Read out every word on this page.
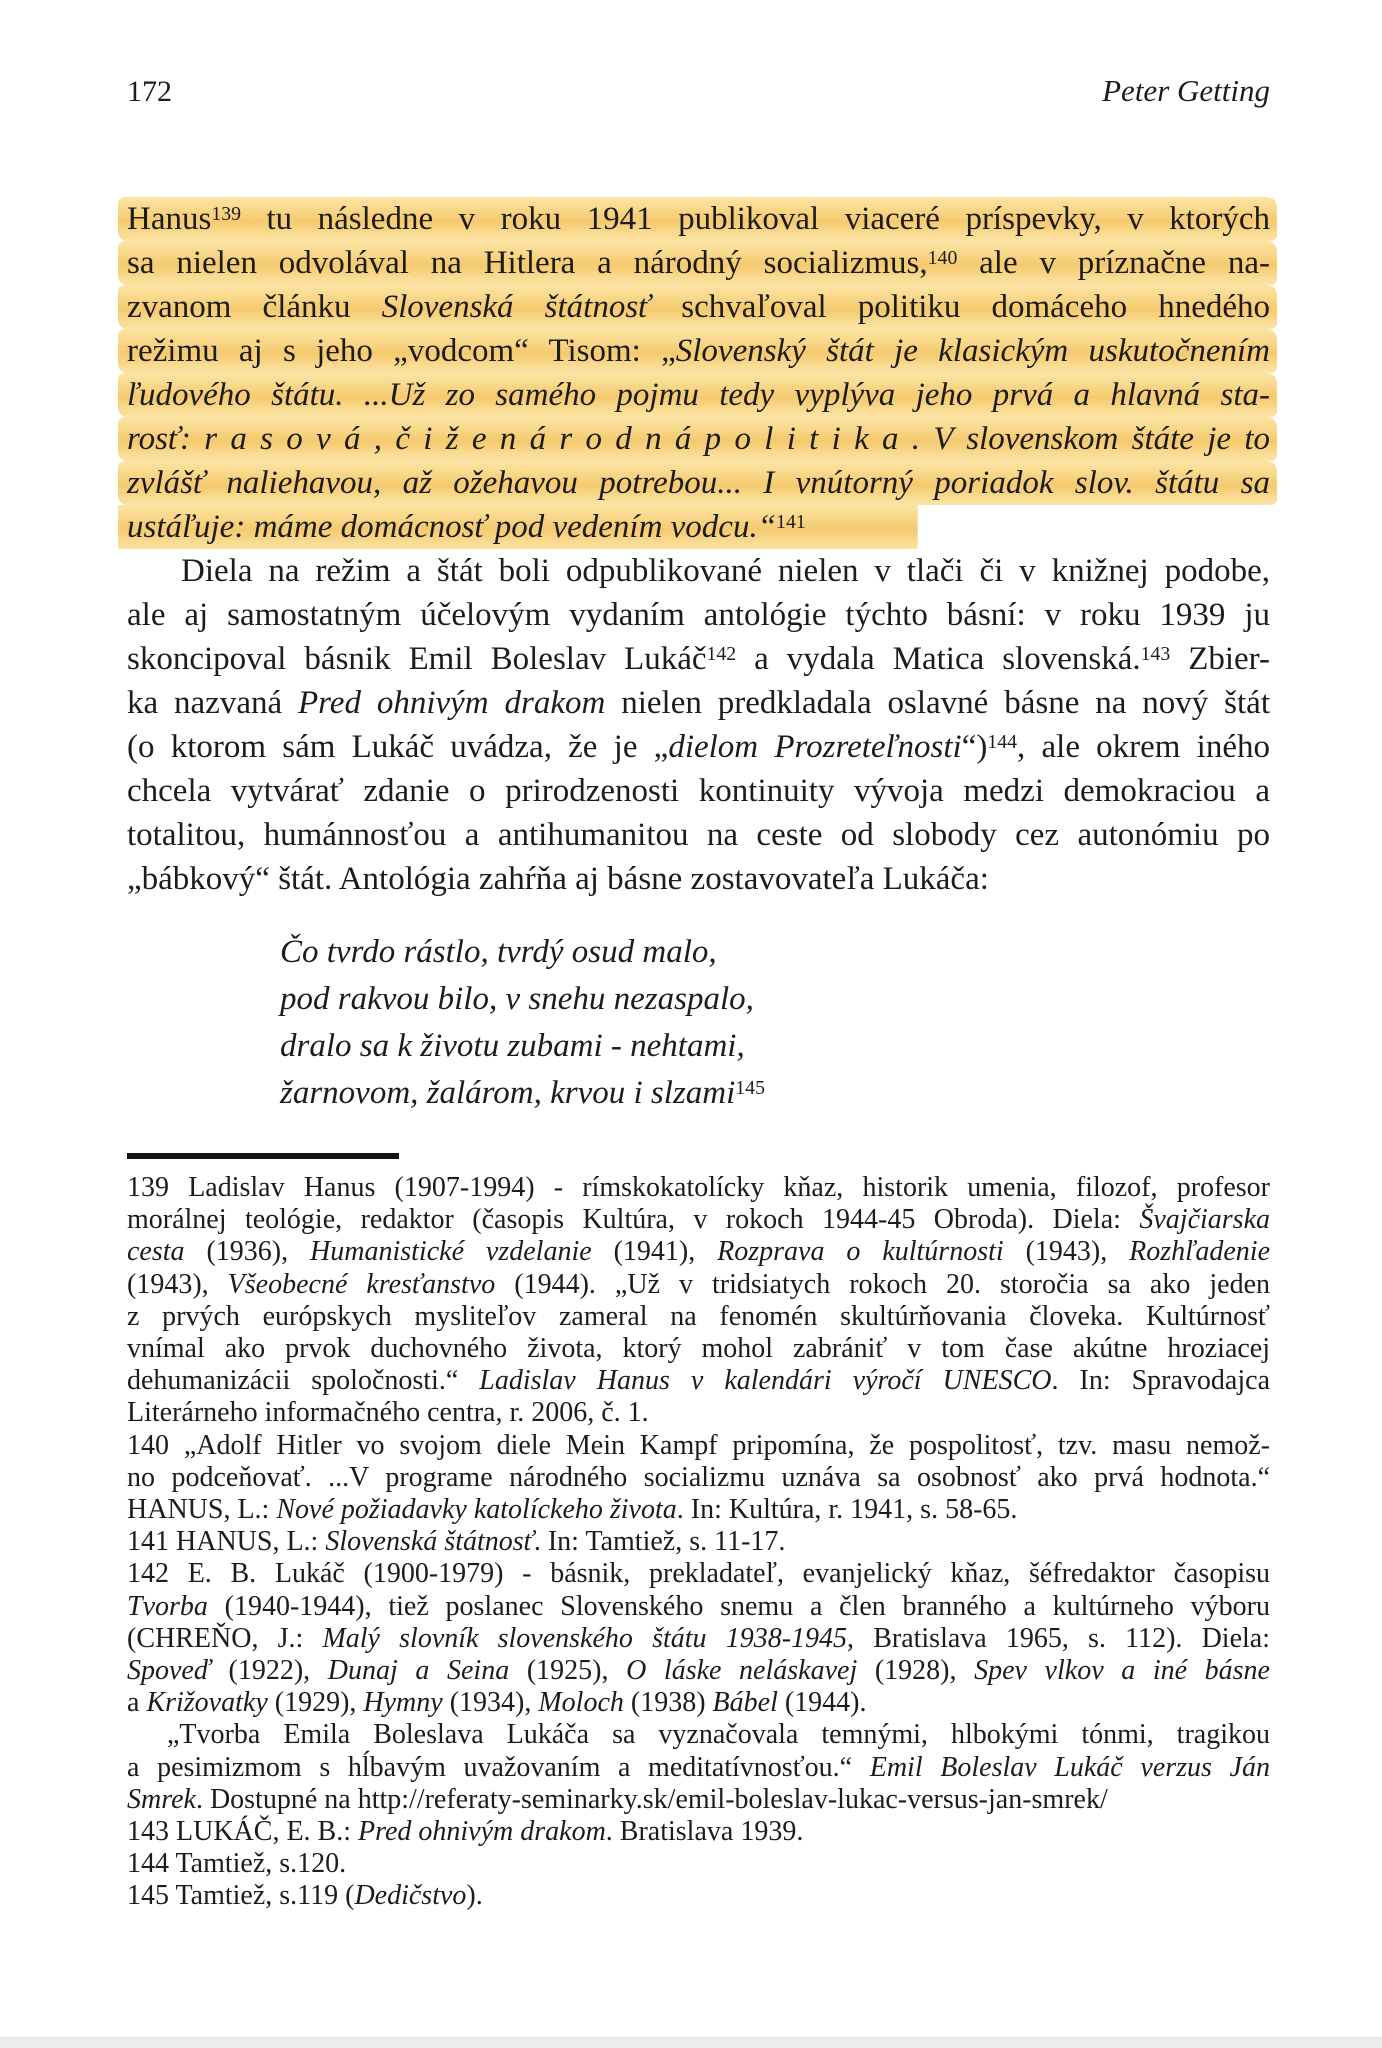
172	Peter Getting
Hanus$^{139}$ tu následne v roku 1941 publikoval viaceré príspevky, v ktorých
sa nielen odvolával na Hitlera a národný socializmus,$^{140}$ ale v príznačne na-
zvanom článku Slovenská štátnosť schvaľoval politiku domáceho hnedého
režimu aj s jeho „vodcom“ Tisom: „Slovenský štát je klasickým uskutočnením
ľudového štátu. ...Už zo samého pojmu tedy vyplýva jeho prvá a hlavná sta-
rosť: r a s o v á , č i ž e n á r o d n á p o l i t i k a . V slovenskom štáte je to
zvlášť naliehavou, až ožehavou potrebou... I vnútorný poriadok slov. štátu sa
ustáľuje: máme domácnosť pod vedením vodcu.“$^{141}$
Diela na režim a štát boli odpublikované nielen v tlači či v knižnej podobe,
ale aj samostatným účelovým vydaním antológie týchto básní: v roku 1939 ju
skoncipoval básnik Emil Boleslav Lukáč$^{142}$ a vydala Matica slovenská.$^{143}$ Zbier-
ka nazvaná Pred ohnivým drakom nielen predkladala oslavné básne na nový štát
(o ktorom sám Lukáč uvádza, že je „dielom Prozreteľnosti“)$^{144}$, ale okrem iného
chcela vytvárať zdanie o prirodzenosti kontinuity vývoja medzi demokraciou a
totalitou, humánnosťou a antihumanitou na ceste od slobody cez autonómiu po
„bábkový“ štát. Antológia zahŕňa aj básne zostavovateľa Lukáča:
Čo tvrdo rástlo, tvrdý osud malo,
pod rakvou bilo, v snehu nezaspalo,
dralo sa k životu zubami - nehtami,
žarnovom, žalárom, krvou i slzami$^{145}$
139 Ladislav Hanus (1907-1994) - rímskokatolícky kňaz, historik umenia, filozof, profesor
morálnej teológie, redaktor (časopis Kultúra, v rokoch 1944-45 Obroda). Diela: Švajčiarska
cesta (1936), Humanistické vzdelanie (1941), Rozprava o kultúrnosti (1943), Rozhľadenie
(1943), Všeobecné kresťanstvo (1944). „Už v tridsiatych rokoch 20. storočia sa ako jeden
z prvých európskych mysliteľov zameral na fenomén skultúrňovania človeka. Kultúrnosť
vnímal ako prvok duchovného života, ktorý mohol zabrániť v tom čase akútne hroziacej
dehumanizácii spoločnosti.“ Ladislav Hanus v kalendári výročí UNESCO. In: Spravodajca
Literárneho informačného centra, r. 2006, č. 1.
140 „Adolf Hitler vo svojom diele Mein Kampf pripomína, že pospolitosť, tzv. masu nemož-
no podceňovať. ...V programe národného socializmu uznáva sa osobnosť ako prvá hodnota.“
HANUS, L.: Nové požiadavky katolíckeho života. In: Kultúra, r. 1941, s. 58-65.
141 HANUS, L.: Slovenská štátnosť. In: Tamtiež, s. 11-17.
142 E. B. Lukáč (1900-1979) - básnik, prekladateľ, evanjelický kňaz, šéfredaktor časopisu
Tvorba (1940-1944), tiež poslanec Slovenského snemu a člen branného a kultúrneho výboru
(CHREŇO, J.: Malý slovník slovenského štátu 1938-1945, Bratislava 1965, s. 112). Diela:
Spoveď (1922), Dunaj a Seina (1925), O láske neláskavej (1928), Spev vlkov a iné básne
a Križovatky (1929), Hymny (1934), Moloch (1938) Bábel (1944).
„Tvorba Emila Boleslava Lukáča sa vyznačovala temnými, hlbokými tónmi, tragikou
a pesimizmom s hĺbavým uvažovaním a meditatívnosťou.“ Emil Boleslav Lukáč verzus Ján
Smrek. Dostupné na http://referaty-seminarky.sk/emil-boleslav-lukac-versus-jan-smrek/
143 LUKÁČ, E. B.: Pred ohnivým drakom. Bratislava 1939.
144 Tamtiež, s.120.
145 Tamtiež, s.119 (Dedičstvo).
